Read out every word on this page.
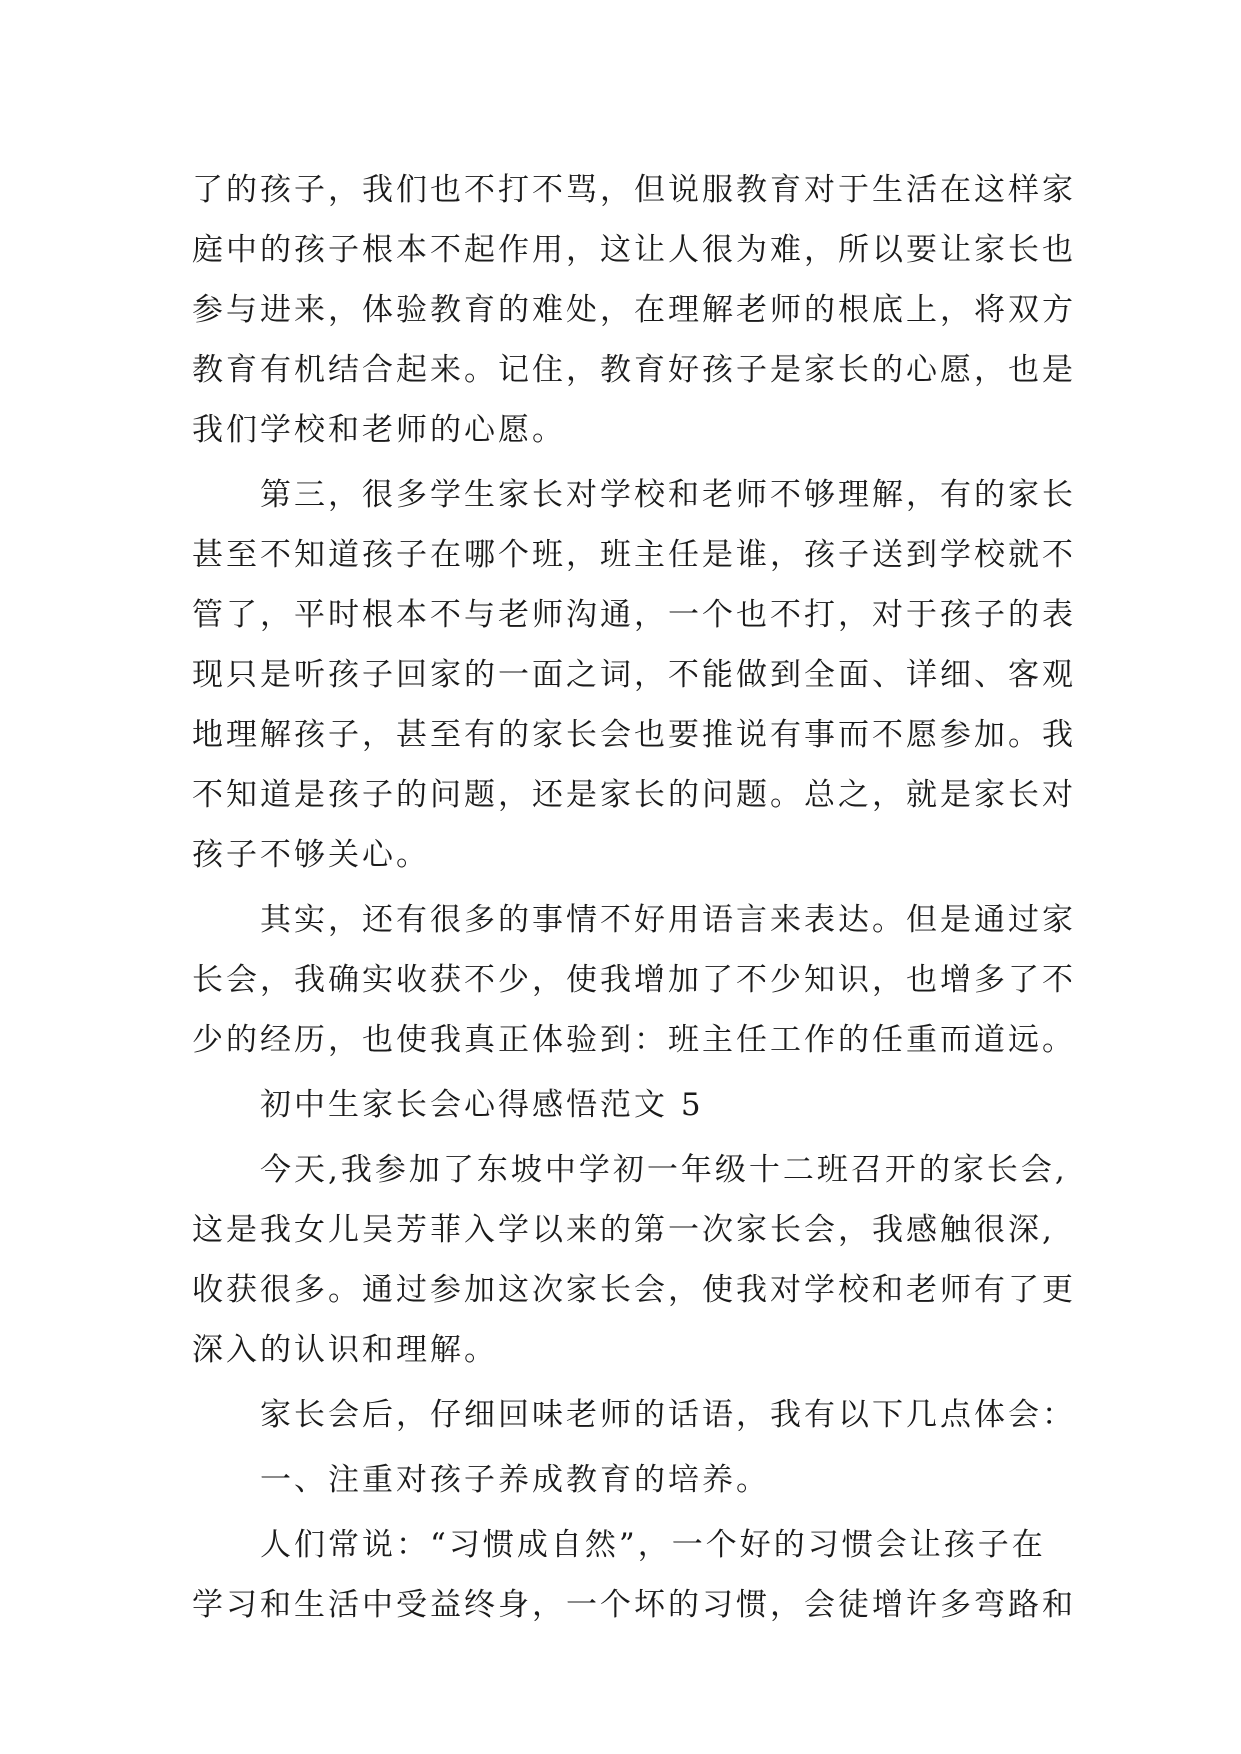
了的孩子，我们也不打不骂，但说服教育对于生活在这样家
庭中的孩子根本不起作用，这让人很为难，所以要让家长也
参与进来，体验教育的难处，在理解老师的根底上，将双方
教育有机结合起来。记住，教育好孩子是家长的心愿，也是
我们学校和老师的心愿。
第三，很多学生家长对学校和老师不够理解，有的家长
甚至不知道孩子在哪个班，班主任是谁，孩子送到学校就不
管了，平时根本不与老师沟通，一个也不打，对于孩子的表
现只是听孩子回家的一面之词，不能做到全面、详细、客观
地理解孩子，甚至有的家长会也要推说有事而不愿参加。我
不知道是孩子的问题，还是家长的问题。总之，就是家长对
孩子不够关心。
其实，还有很多的事情不好用语言来表达。但是通过家
长会，我确实收获不少，使我增加了不少知识，也增多了不
少的经历，也使我真正体验到：班主任工作的任重而道远。
初中生家长会心得感悟范文 5
今天,我参加了东坡中学初一年级十二班召开的家长会,
这是我女儿吴芳菲入学以来的第一次家长会，我感触很深,
收获很多。通过参加这次家长会，使我对学校和老师有了更
深入的认识和理解。
家长会后，仔细回味老师的话语，我有以下几点体会：
一、注重对孩子养成教育的培养。
人们常说：“习惯成自然”，一个好的习惯会让孩子在
学习和生活中受益终身，一个坏的习惯，会徒增许多弯路和
